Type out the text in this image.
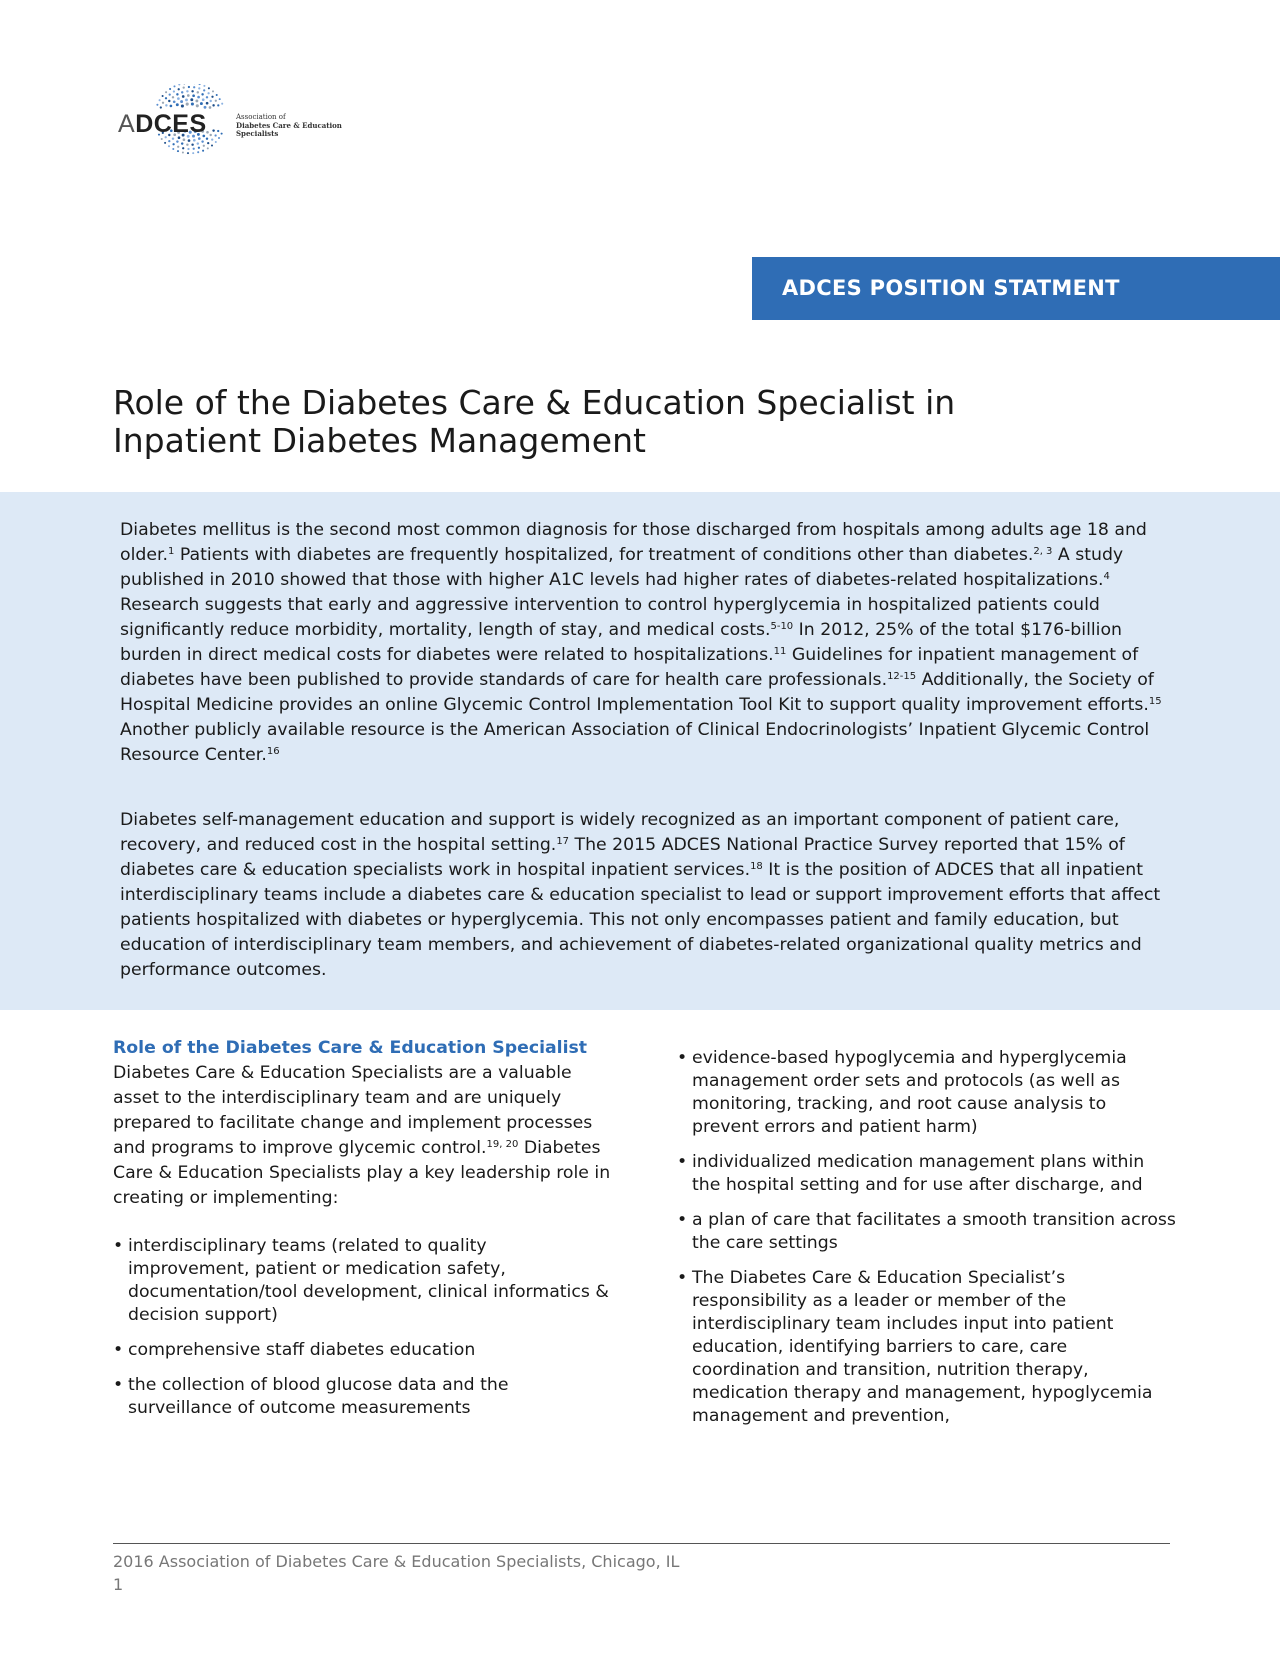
ADCES	Association of
Diabetes Care & Education
Specialists
ADCES POSITION STATMENT
Role of the Diabetes Care & Education Specialist in Inpatient Diabetes Management

Diabetes mellitus is the second most common diagnosis for those discharged from hospitals among adults age 18 and older.$^1$ Patients with diabetes are frequently hospitalized, for treatment of conditions other than diabetes.$^{2, 3}$ A study published in 2010 showed that those with higher A1C levels had higher rates of diabetes-related hospitalizations.$^4$ Research suggests that early and aggressive intervention to control hyperglycemia in hospitalized patients could significantly reduce morbidity, mortality, length of stay, and medical costs.$^{5-10}$ In 2012, 25% of the total $176-billion burden in direct medical costs for diabetes were related to hospitalizations.$^{11}$ Guidelines for inpatient management of diabetes have been published to provide standards of care for health care professionals.$^{12-15}$ Additionally, the Society of Hospital Medicine provides an online Glycemic Control Implementation Tool Kit to support quality improvement efforts.$^{15}$ Another publicly available resource is the American Association of Clinical Endocrinologists’ Inpatient Glycemic Control Resource Center.$^{16}$

Diabetes self-management education and support is widely recognized as an important component of patient care, recovery, and reduced cost in the hospital setting.$^{17}$ The 2015 ADCES National Practice Survey reported that 15% of diabetes care & education specialists work in hospital inpatient services.$^{18}$ It is the position of ADCES that all inpatient interdisciplinary teams include a diabetes care & education specialist to lead or support improvement efforts that affect patients hospitalized with diabetes or hyperglycemia. This not only encompasses patient and family education, but education of interdisciplinary team members, and achievement of diabetes-related organizational quality metrics and performance outcomes.

Role of the Diabetes Care & Education Specialist

Diabetes Care & Education Specialists are a valuable asset to the interdisciplinary team and are uniquely prepared to facilitate change and implement processes and programs to improve glycemic control.$^{19, 20}$ Diabetes Care & Education Specialists play a key leadership role in creating or implementing:

• interdisciplinary teams (related to quality improvement, patient or medication safety, documentation/tool development, clinical informatics & decision support)
• comprehensive staff diabetes education
• the collection of blood glucose data and the surveillance of outcome measurements
• evidence-based hypoglycemia and hyperglycemia management order sets and protocols (as well as monitoring, tracking, and root cause analysis to prevent errors and patient harm)
• individualized medication management plans within the hospital setting and for use after discharge, and
• a plan of care that facilitates a smooth transition across the care settings
• The Diabetes Care & Education Specialist’s responsibility as a leader or member of the interdisciplinary team includes input into patient education, identifying barriers to care, care coordination and transition, nutrition therapy, medication therapy and management, hypoglycemia management and prevention,
2016 Association of Diabetes Care & Education Specialists, Chicago, IL
1
